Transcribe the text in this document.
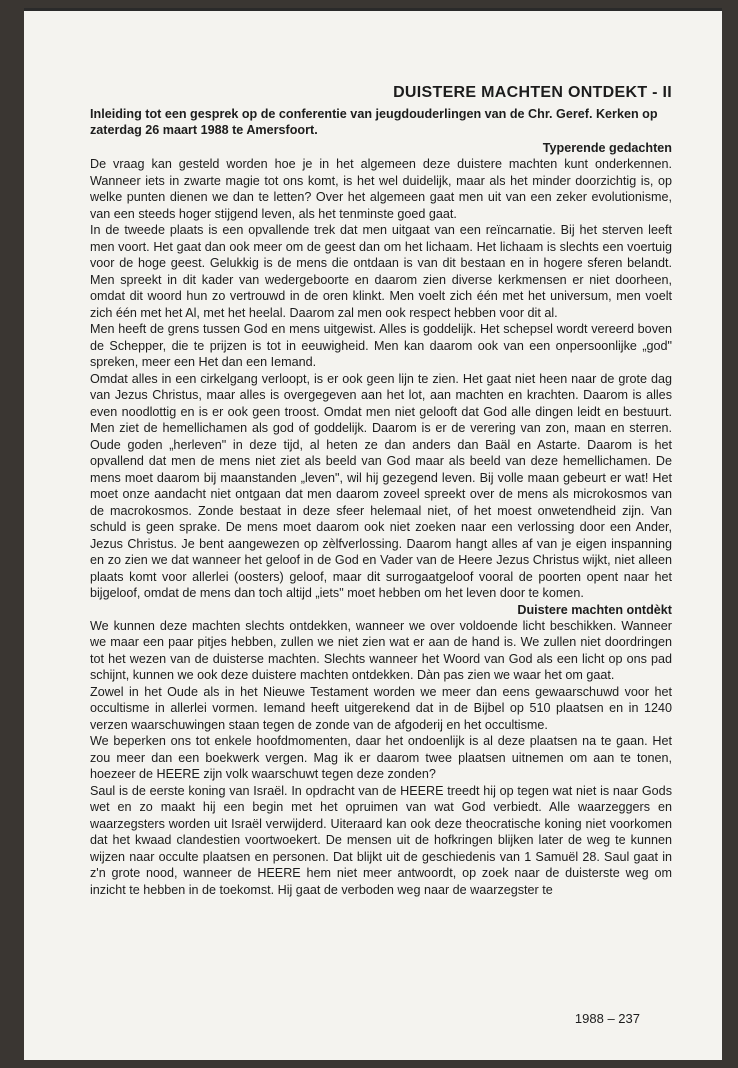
DUISTERE MACHTEN ONTDEKT - II
Inleiding tot een gesprek op de conferentie van jeugdouderlingen van de Chr. Geref. Kerken op zaterdag 26 maart 1988 te Amersfoort.
Typerende gedachten

De vraag kan gesteld worden hoe je in het algemeen deze duistere machten kunt onderkennen. Wanneer iets in zwarte magie tot ons komt, is het wel duidelijk, maar als het minder doorzichtig is, op welke punten dienen we dan te letten? Over het algemeen gaat men uit van een zeker evolutionisme, van een steeds hoger stijgend leven, als het tenminste goed gaat.

In de tweede plaats is een opvallende trek dat men uitgaat van een reïncarnatie. Bij het sterven leeft men voort. Het gaat dan ook meer om de geest dan om het lichaam. Het lichaam is slechts een voertuig voor de hoge geest. Gelukkig is de mens die ontdaan is van dit bestaan en in hogere sferen belandt. Men spreekt in dit kader van wedergeboorte en daarom zien diverse kerkmensen er niet doorheen, omdat dit woord hun zo vertrouwd in de oren klinkt. Men voelt zich één met het universum, men voelt zich één met het Al, met het heelal. Daarom zal men ook respect hebben voor dit al.

Men heeft de grens tussen God en mens uitgewist. Alles is goddelijk. Het schepsel wordt vereerd boven de Schepper, die te prijzen is tot in eeuwigheid. Men kan daarom ook van een onpersoonlijke „god" spreken, meer een Het dan een Iemand.

Omdat alles in een cirkelgang verloopt, is er ook geen lijn te zien. Het gaat niet heen naar de grote dag van Jezus Christus, maar alles is overgegeven aan het lot, aan machten en krachten. Daarom is alles even noodlottig en is er ook geen troost. Omdat men niet gelooft dat God alle dingen leidt en bestuurt. Men ziet de hemellichamen als god of goddelijk. Daarom is er de verering van zon, maan en sterren. Oude goden „herleven" in deze tijd, al heten ze dan anders dan Baäl en Astarte. Daarom is het opvallend dat men de mens niet ziet als beeld van God maar als beeld van deze hemellichamen. De mens moet daarom bij maanstanden „leven", wil hij gezegend leven. Bij volle maan gebeurt er wat! Het moet onze aandacht niet ontgaan dat men daarom zoveel spreekt over de mens als microkosmos van de macrokosmos. Zonde bestaat in deze sfeer helemaal niet, of het moest onwetendheid zijn. Van schuld is geen sprake. De mens moet daarom ook niet zoeken naar een verlossing door een Ander, Jezus Christus. Je bent aangewezen op zèlfverlossing. Daarom hangt alles af van je eigen inspanning en zo zien we dat wanneer het geloof in de God en Vader van de Heere Jezus Christus wijkt, niet alleen plaats komt voor allerlei (oosters) geloof, maar dit surrogaatgeloof vooral de poorten opent naar het bijgeloof, omdat de mens dan toch altijd „iets" moet hebben om het leven door te komen.

Duistere machten ontdèkt

We kunnen deze machten slechts ontdekken, wanneer we over voldoende licht beschikken. Wanneer we maar een paar pitjes hebben, zullen we niet zien wat er aan de hand is. We zullen niet doordringen tot het wezen van de duisterse machten. Slechts wanneer het Woord van God als een licht op ons pad schijnt, kunnen we ook deze duistere machten ontdekken. Dàn pas zien we waar het om gaat.

Zowel in het Oude als in het Nieuwe Testament worden we meer dan eens gewaarschuwd voor het occultisme in allerlei vormen. Iemand heeft uitgerekend dat in de Bijbel op 510 plaatsen en in 1240 verzen waarschuwingen staan tegen de zonde van de afgoderij en het occultisme.

We beperken ons tot enkele hoofdmomenten, daar het ondoenlijk is al deze plaatsen na te gaan. Het zou meer dan een boekwerk vergen. Mag ik er daarom twee plaatsen uitnemen om aan te tonen, hoezeer de HEERE zijn volk waarschuwt tegen deze zonden?

Saul is de eerste koning van Israël. In opdracht van de HEERE treedt hij op tegen wat niet is naar Gods wet en zo maakt hij een begin met het opruimen van wat God verbiedt. Alle waarzeggers en waarzegsters worden uit Israël verwijderd. Uiteraard kan ook deze theocratische koning niet voorkomen dat het kwaad clandestien voortwoekert. De mensen uit de hofkringen blijken later de weg te kunnen wijzen naar occulte plaatsen en personen. Dat blijkt uit de geschiedenis van 1 Samuël 28. Saul gaat in z'n grote nood, wanneer de HEERE hem niet meer antwoordt, op zoek naar de duisterste weg om inzicht te hebben in de toekomst. Hij gaat de verboden weg naar de waarzegster te

1988 – 237
